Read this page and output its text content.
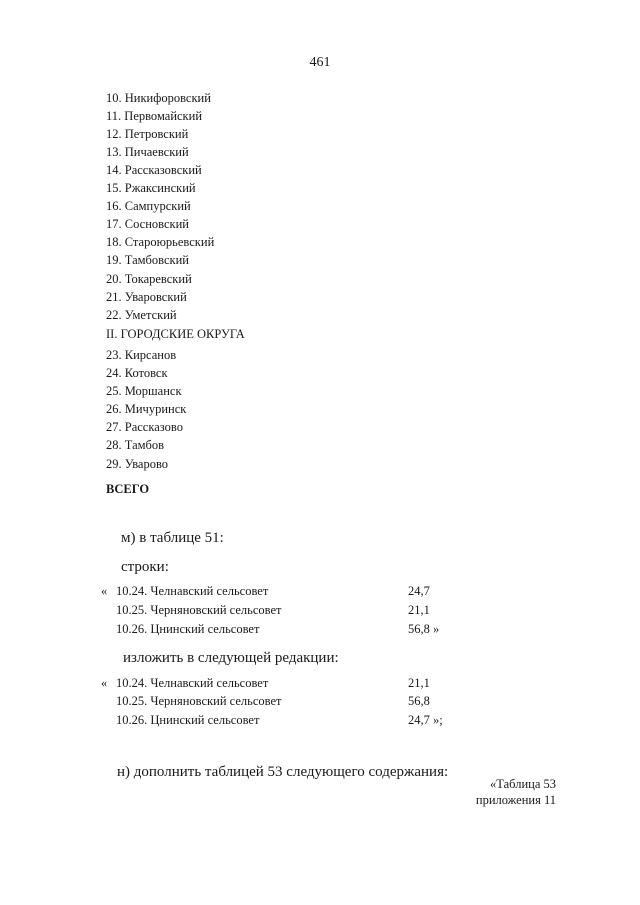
461
10. Никифоровский
11. Первомайский
12. Петровский
13. Пичаевский
14. Рассказовский
15. Ржаксинский
16. Сампурский
17. Сосновский
18. Староюрьевский
19. Тамбовский
20. Токаревский
21. Уваровский
22. Уметский
II. ГОРОДСКИЕ ОКРУГА
23. Кирсанов
24. Котовск
25. Моршанск
26. Мичуринск
27. Рассказово
28. Тамбов
29. Уварово
ВСЕГО
м) в таблице 51:
строки:
« 10.24. Челнавский сельсовет	24,7
10.25. Черняновский сельсовет	21,1
10.26. Цнинский сельсовет	56,8 »
изложить в следующей редакции:
« 10.24. Челнавский сельсовет	21,1
10.25. Черняновский сельсовет	56,8
10.26. Цнинский сельсовет	24,7 »;
н) дополнить таблицей 53 следующего содержания:
«Таблица 53
приложения 11
